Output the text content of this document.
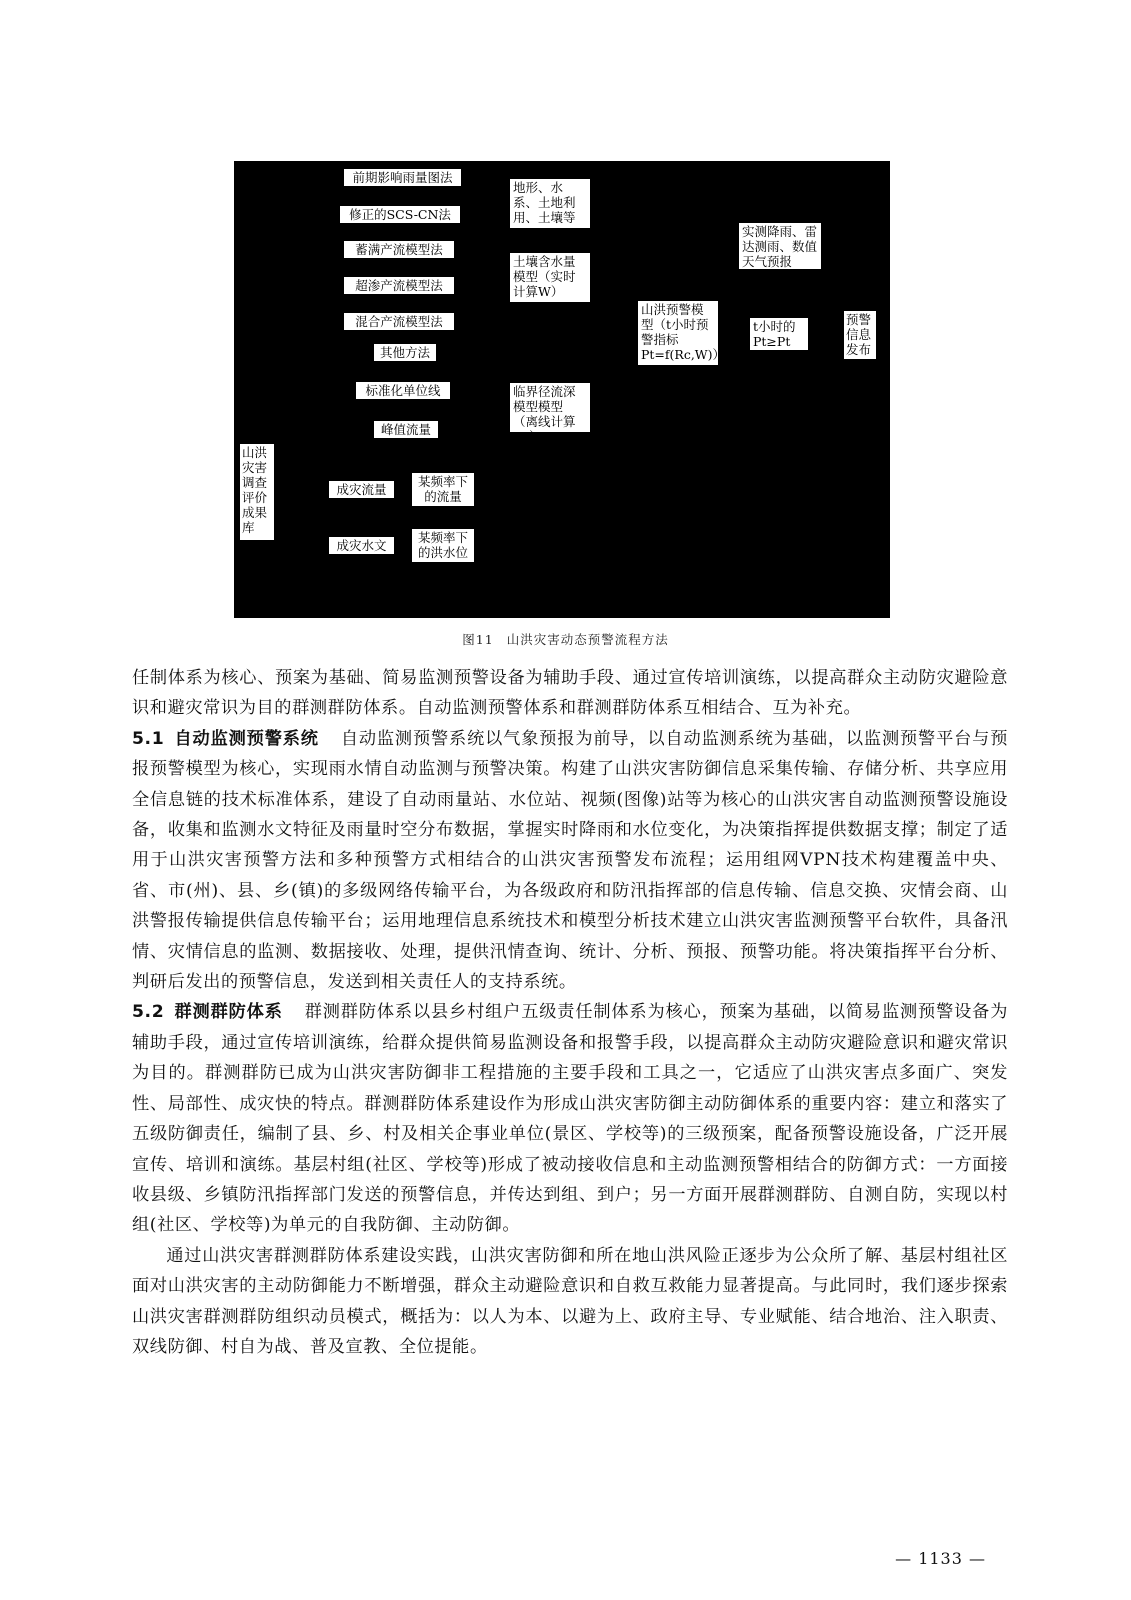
前期影响雨量图法
修正的SCS-CN法
蓄满产流模型法
超渗产流模型法
混合产流模型法
其他方法
标准化单位线
峰值流量
山洪灾害调查评价成果库
成灾流量
某频率下的流量
成灾水文
某频率下的洪水位
地形、水系、土地利用、土壤等
土壤含水量模型（实时计算W）
临界径流深模型模型（离线计算Rc）
山洪预警模型（t小时预警指标Pt=f(Rc,W)）
实测降雨、雷达测雨、数值天气预报
t小时的Pt≥Pt
预警信息发布
图11 山洪灾害动态预警流程方法

任制体系为核心、预案为基础、简易监测预警设备为辅助手段、通过宣传培训演练，以提高群众主动防灾避险意识和避灾常识为目的群测群防体系。自动监测预警体系和群测群防体系互相结合、互为补充。

5.1 自动监测预警系统 自动监测预警系统以气象预报为前导，以自动监测系统为基础，以监测预警平台与预报预警模型为核心，实现雨水情自动监测与预警决策。构建了山洪灾害防御信息采集传输、存储分析、共享应用全信息链的技术标准体系，建设了自动雨量站、水位站、视频(图像)站等为核心的山洪灾害自动监测预警设施设备，收集和监测水文特征及雨量时空分布数据，掌握实时降雨和水位变化，为决策指挥提供数据支撑；制定了适用于山洪灾害预警方法和多种预警方式相结合的山洪灾害预警发布流程；运用组网VPN技术构建覆盖中央、省、市(州)、县、乡(镇)的多级网络传输平台，为各级政府和防汛指挥部的信息传输、信息交换、灾情会商、山洪警报传输提供信息传输平台；运用地理信息系统技术和模型分析技术建立山洪灾害监测预警平台软件，具备汛情、灾情信息的监测、数据接收、处理，提供汛情查询、统计、分析、预报、预警功能。将决策指挥平台分析、判研后发出的预警信息，发送到相关责任人的支持系统。

5.2 群测群防体系 群测群防体系以县乡村组户五级责任制体系为核心，预案为基础，以简易监测预警设备为辅助手段，通过宣传培训演练，给群众提供简易监测设备和报警手段，以提高群众主动防灾避险意识和避灾常识为目的。群测群防已成为山洪灾害防御非工程措施的主要手段和工具之一，它适应了山洪灾害点多面广、突发性、局部性、成灾快的特点。群测群防体系建设作为形成山洪灾害防御主动防御体系的重要内容：建立和落实了五级防御责任，编制了县、乡、村及相关企事业单位(景区、学校等)的三级预案，配备预警设施设备，广泛开展宣传、培训和演练。基层村组(社区、学校等)形成了被动接收信息和主动监测预警相结合的防御方式：一方面接收县级、乡镇防汛指挥部门发送的预警信息，并传达到组、到户；另一方面开展群测群防、自测自防，实现以村组(社区、学校等)为单元的自我防御、主动防御。

通过山洪灾害群测群防体系建设实践，山洪灾害防御和所在地山洪风险正逐步为公众所了解、基层村组社区面对山洪灾害的主动防御能力不断增强，群众主动避险意识和自救互救能力显著提高。与此同时，我们逐步探索山洪灾害群测群防组织动员模式，概括为：以人为本、以避为上、政府主导、专业赋能、结合地治、注入职责、双线防御、村自为战、普及宣教、全位提能。

— 1133 —
